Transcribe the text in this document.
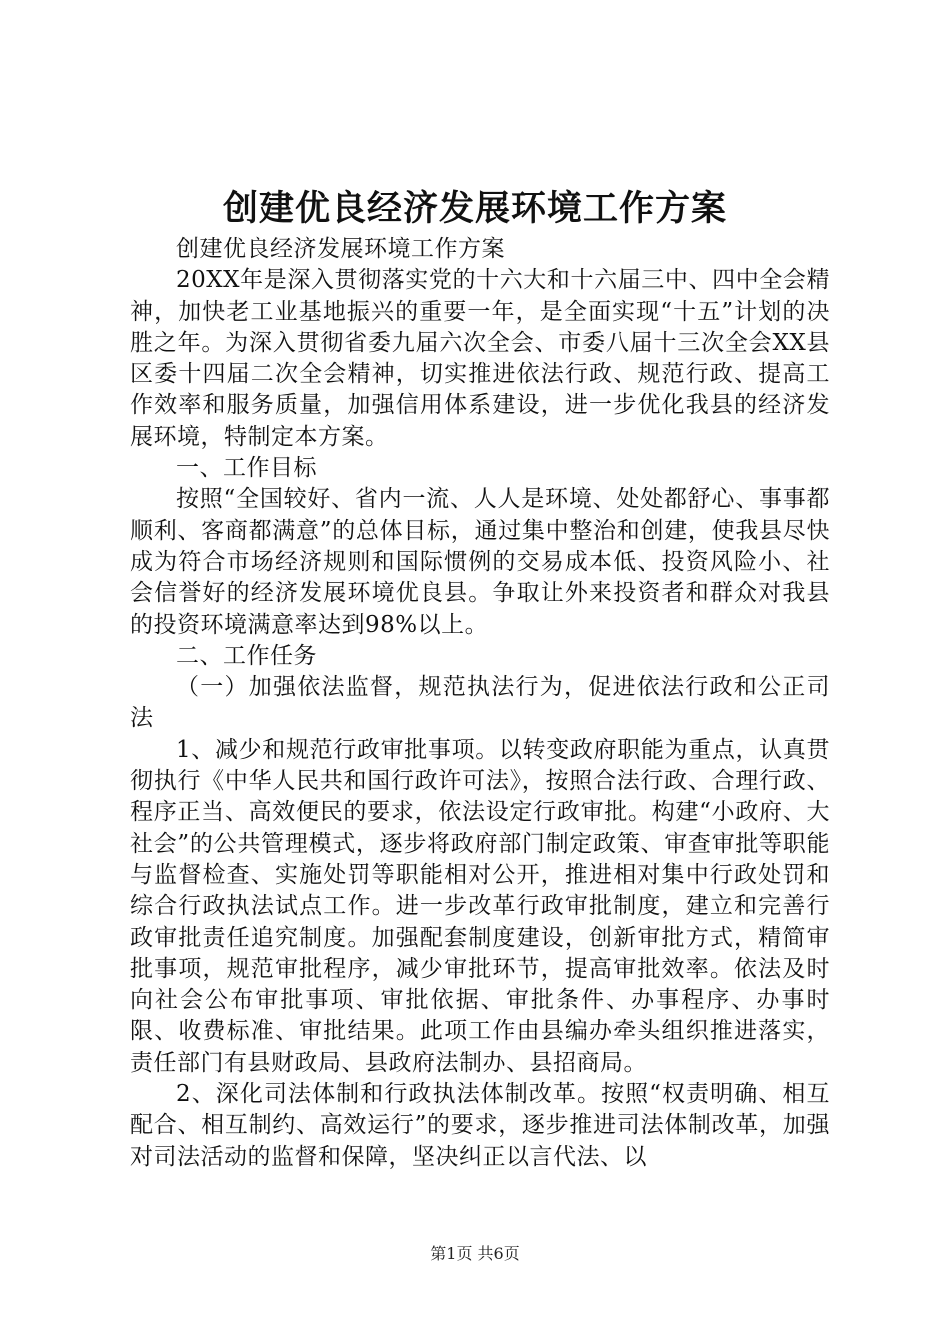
创建优良经济发展环境工作方案

创建优良经济发展环境工作方案

20XX年是深入贯彻落实党的十六大和十六届三中、四中全会精神，加快老工业基地振兴的重要一年，是全面实现“十五”计划的决胜之年。为深入贯彻省委九届六次全会、市委八届十三次全会XX县区委十四届二次全会精神，切实推进依法行政、规范行政、提高工作效率和服务质量，加强信用体系建设，进一步优化我县的经济发展环境，特制定本方案。

一、工作目标

按照“全国较好、省内一流、人人是环境、处处都舒心、事事都顺利、客商都满意”的总体目标，通过集中整治和创建，使我县尽快成为符合市场经济规则和国际惯例的交易成本低、投资风险小、社会信誉好的经济发展环境优良县。争取让外来投资者和群众对我县的投资环境满意率达到98%以上。

二、工作任务

（一）加强依法监督，规范执法行为，促进依法行政和公正司法

1、减少和规范行政审批事项。以转变政府职能为重点，认真贯彻执行《中华人民共和国行政许可法》，按照合法行政、合理行政、程序正当、高效便民的要求，依法设定行政审批。构建“小政府、大社会”的公共管理模式，逐步将政府部门制定政策、审查审批等职能与监督检查、实施处罚等职能相对公开，推进相对集中行政处罚和综合行政执法试点工作。进一步改革行政审批制度，建立和完善行政审批责任追究制度。加强配套制度建设，创新审批方式，精简审批事项，规范审批程序，减少审批环节，提高审批效率。依法及时向社会公布审批事项、审批依据、审批条件、办事程序、办事时限、收费标准、审批结果。此项工作由县编办牵头组织推进落实，责任部门有县财政局、县政府法制办、县招商局。

2、深化司法体制和行政执法体制改革。按照“权责明确、相互配合、相互制约、高效运行”的要求，逐步推进司法体制改革，加强对司法活动的监督和保障，坚决纠正以言代法、以

第1页 共6页
